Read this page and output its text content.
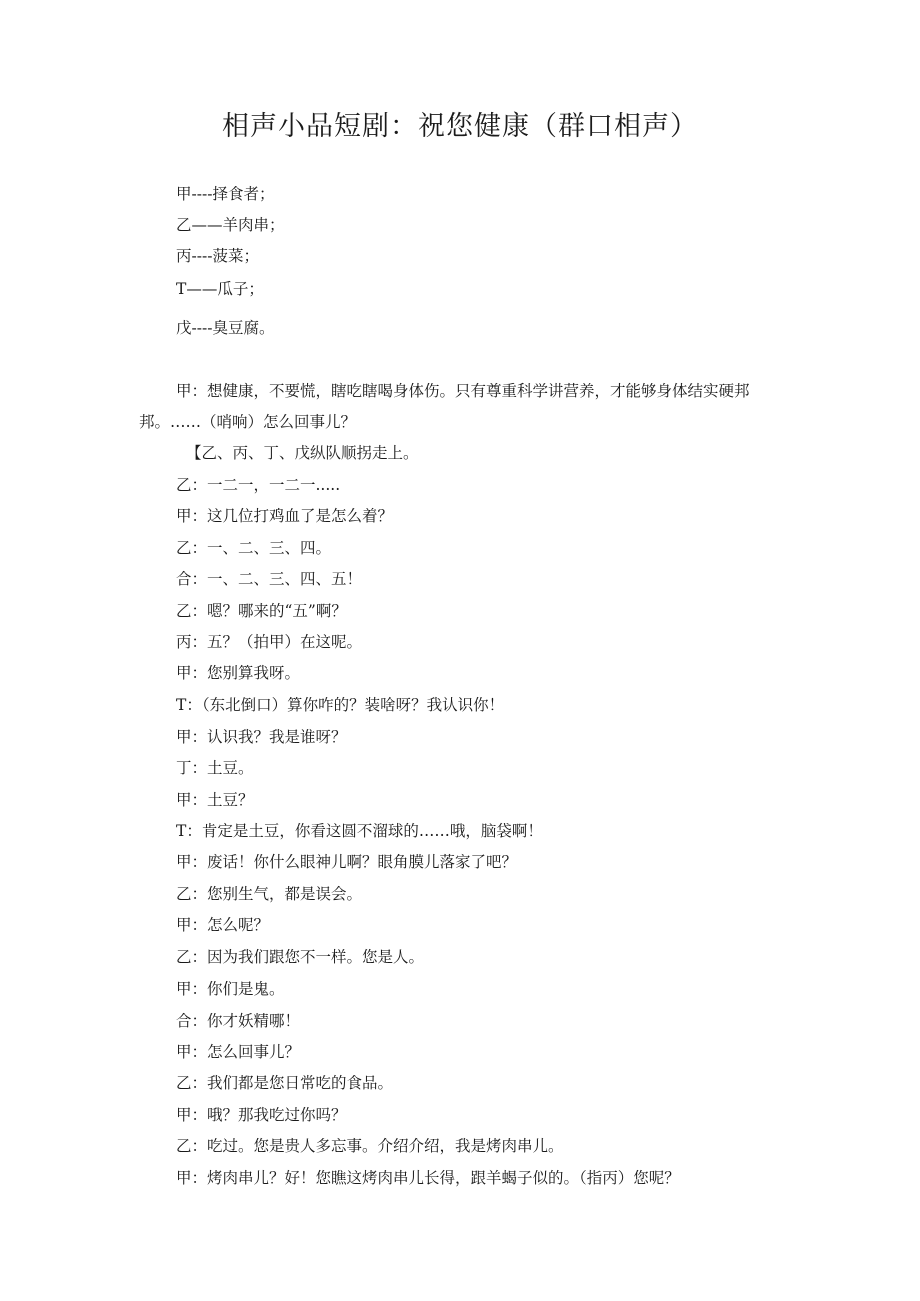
相声小品短剧：祝您健康（群口相声）
甲----择食者；
乙——羊肉串；
丙----菠菜；
T——瓜子；
戊----臭豆腐。

甲：想健康，不要慌，瞎吃瞎喝身体伤。只有尊重科学讲营养，才能够身体结实硬邦邦。……（哨响）怎么回事儿？

【乙、丙、丁、戊纵队顺拐走上。
乙：一二一，一二一.....
甲：这几位打鸡血了是怎么着？
乙：一、二、三、四。
合：一、二、三、四、五！
乙：嗯？哪来的“五”啊？
丙：五？（拍甲）在这呢。
甲：您别算我呀。
T：（东北倒口）算你咋的？装啥呀？我认识你！
甲：认识我？我是谁呀？
丁：土豆。
甲：土豆？
T：肯定是土豆，你看这圆不溜球的……哦，脑袋啊！
甲：废话！你什么眼神儿啊？眼角膜儿落家了吧？
乙：您别生气，都是误会。
甲：怎么呢？
乙：因为我们跟您不一样。您是人。
甲：你们是鬼。
合：你才妖精哪！
甲：怎么回事儿？
乙：我们都是您日常吃的食品。
甲：哦？那我吃过你吗？
乙：吃过。您是贵人多忘事。介绍介绍，我是烤肉串儿。
甲：烤肉串儿？好！您瞧这烤肉串儿长得，跟羊蝎子似的。（指丙）您呢？
